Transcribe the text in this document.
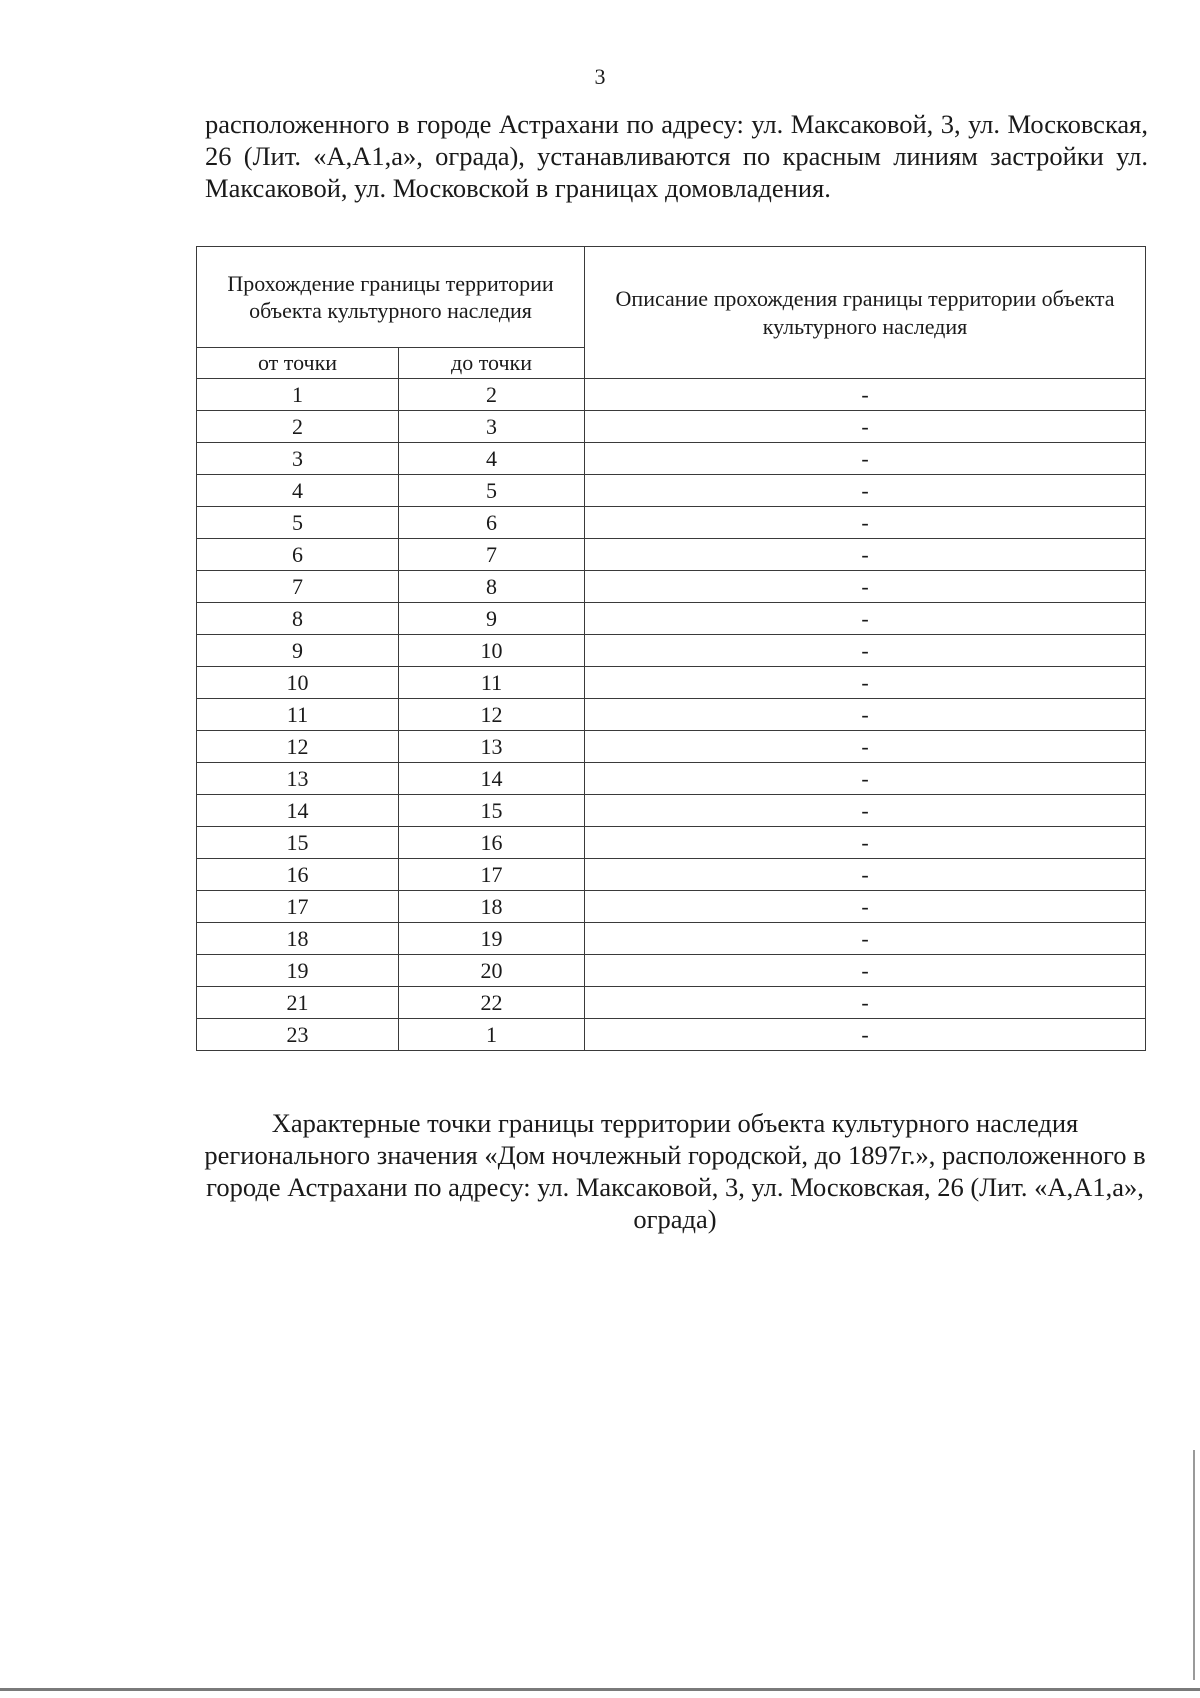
3

расположенного в городе Астрахани по адресу: ул. Максаковой, 3, ул. Московская, 26 (Лит. «А,А1,а», ограда), устанавливаются по красным линиям застройки ул. Максаковой, ул. Московской в границах домовладения.

Прохождение границы территории объекта культурного наследия		Описание прохождения границы территории объекта культурного наследия
от точки	до точки	
1	2	-
2	3	-
3	4	-
4	5	-
5	6	-
6	7	-
7	8	-
8	9	-
9	10	-
10	11	-
11	12	-
12	13	-
13	14	-
14	15	-
15	16	-
16	17	-
17	18	-
18	19	-
19	20	-
21	22	-
23	1	-

Характерные точки границы территории объекта культурного наследия регионального значения «Дом ночлежный городской, до 1897г.», расположенного в городе Астрахани по адресу: ул. Максаковой, 3, ул. Московская, 26 (Лит. «А,А1,а», ограда)
